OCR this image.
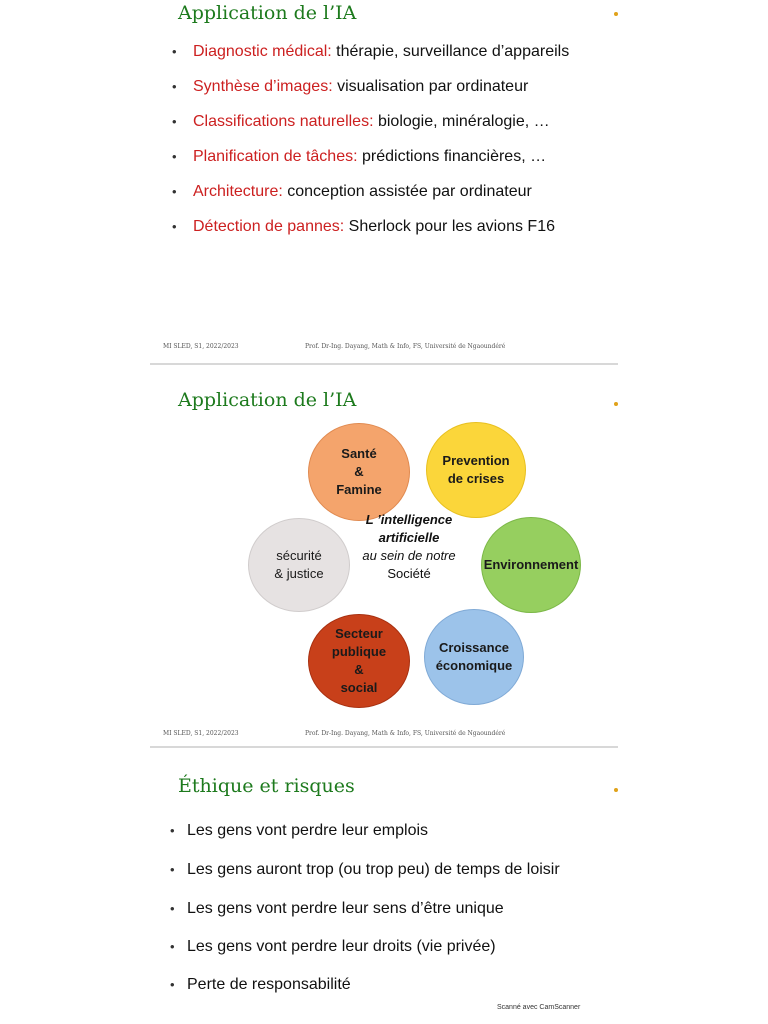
Application de l’IA
• Diagnostic médical: thérapie, surveillance d’appareils
• Synthèse d’images: visualisation par ordinateur
• Classifications naturelles: biologie, minéralogie, …
• Planification de tâches: prédictions financières, …
• Architecture: conception assistée par ordinateur
• Détection de pannes: Sherlock pour les avions F16
MI SLED, S1, 2022/2023	Prof. Dr-Ing. Dayang, Math & Info, FS, Université de Ngaoundéré
Application de l’IA
Santé
&
Famine
Prevention
de crises
Environnement
Croissance
économique
Secteur
publique
&
social
sécurité
& justice
L ’intelligence
artificielle
au sein de notre
Société
MI SLED, S1, 2022/2023	Prof. Dr-Ing. Dayang, Math & Info, FS, Université de Ngaoundéré
Éthique et risques
• Les gens vont perdre leur emplois
• Les gens auront trop (ou trop peu) de temps de loisir
• Les gens vont perdre leur sens d’être unique
• Les gens vont perdre leur droits (vie privée)
• Perte de responsabilité
Scanné avec CamScanner
